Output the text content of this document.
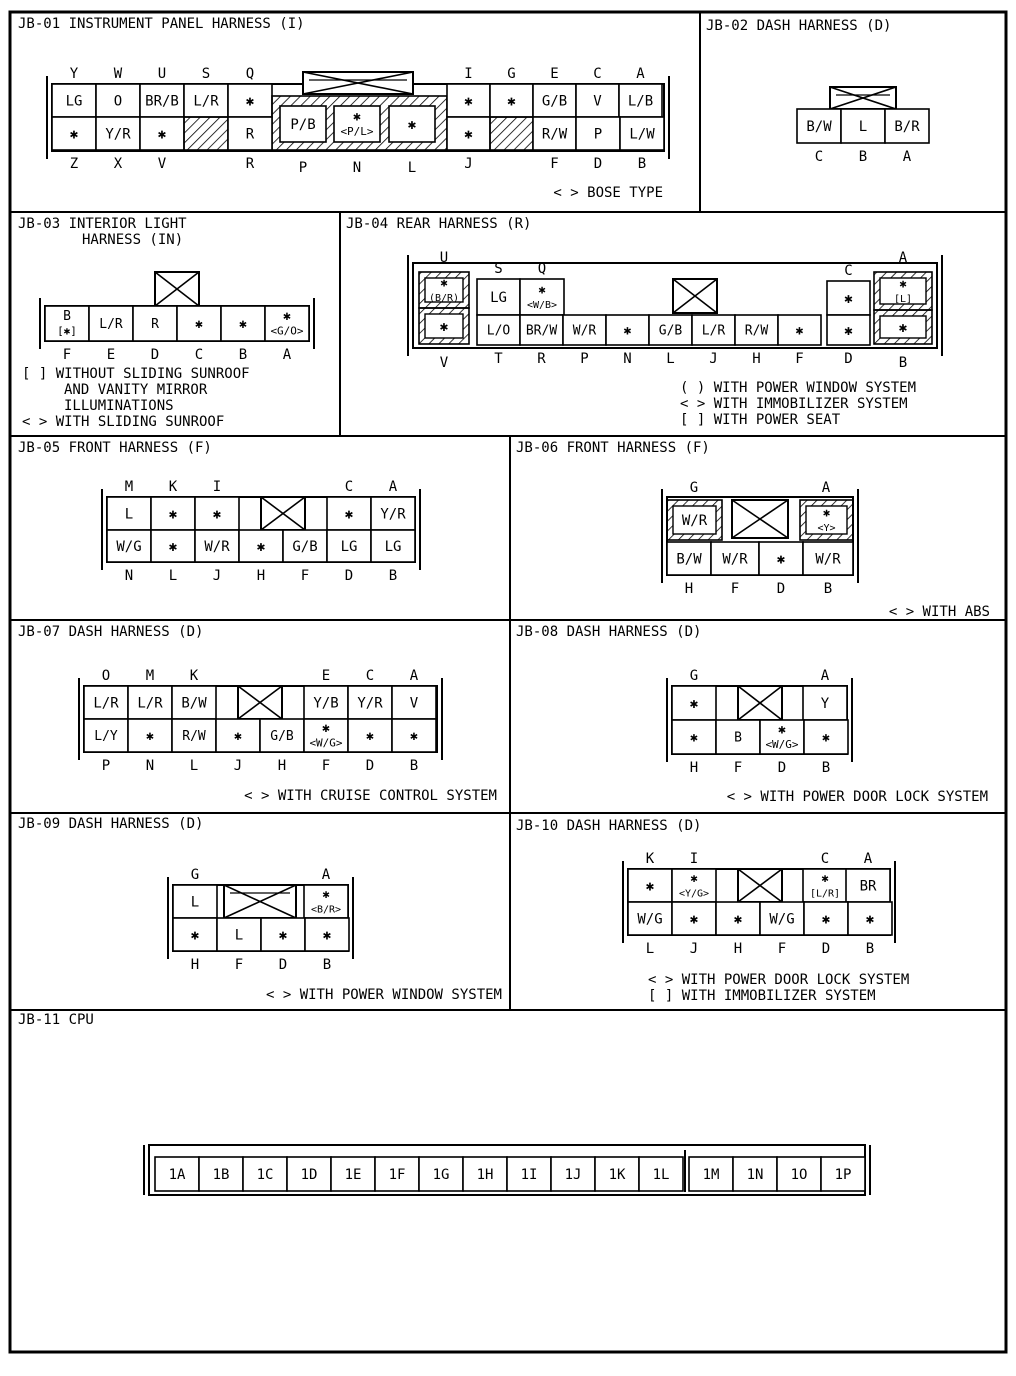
JB-01 INSTRUMENT PANEL HARNESS (I)
LG
Y
O
W
BR/B
U
L/R
S
✱
Q
✱
I
✱
G
G/B
E
V
C
L/B
A
✱
Z
Y/R
X
✱
V
R
R
P/B
P
✱
<P/L>
N
✱
L
✱
J
R/W
F
P
D
L/W
B
< > BOSE TYPE
JB-02 DASH HARNESS (D)
B/W
C
L
B
B/R
A
JB-03 INTERIOR LIGHT
HARNESS (IN)
B
[✱]
F
L/R
E
R
D
✱
C
✱
B
✱
<G/O>
A
[ ] WITHOUT SLIDING SUNROOF
AND VANITY MIRROR
ILLUMINATIONS
< > WITH SLIDING SUNROOF
JB-04 REAR HARNESS (R)
✱
(B/R)
U
✱
LG
S
✱
<W/B>
Q
L/O
T
BR/W
R
W/R
P
✱
N
G/B
L
L/R
J
R/W
H
✱
F
✱
C
✱
D
✱
[L]
A
✱
B
V
( ) WITH POWER WINDOW SYSTEM
< > WITH IMMOBILIZER SYSTEM
[ ] WITH POWER SEAT
JB-05 FRONT HARNESS (F)
L
M
✱
K
✱
I
✱
C
Y/R
A
W/G
N
✱
L
W/R
J
✱
H
G/B
F
LG
D
LG
B
JB-06 FRONT HARNESS (F)
W/R
G
✱
<Y>
A
B/W
H
W/R
F
✱
D
W/R
B
< > WITH ABS
JB-07 DASH HARNESS (D)
L/R
O
L/R
M
B/W
K
Y/B
E
Y/R
C
V
A
L/Y
P
✱
N
R/W
L
✱
J
G/B
H
✱
<W/G>
F
✱
D
✱
B
< > WITH CRUISE CONTROL SYSTEM
JB-08 DASH HARNESS (D)
✱
G
Y
A
✱
H
B
F
✱
<W/G>
D
✱
B
< > WITH POWER DOOR LOCK SYSTEM
JB-09 DASH HARNESS (D)
L
G
✱
<B/R>
A
✱
H
L
F
✱
D
✱
B
< > WITH POWER WINDOW SYSTEM
JB-10 DASH HARNESS (D)
✱
K
✱
<Y/G>
I
✱
[L/R]
C
BR
A
W/G
L
✱
J
✱
H
W/G
F
✱
D
✱
B
< > WITH POWER DOOR LOCK SYSTEM
[ ] WITH IMMOBILIZER SYSTEM
JB-11 CPU
1A 1B 1C 1D 1E 1F 1G 1H 1I 1J 1K 1L 1M 1N 1O 1P
